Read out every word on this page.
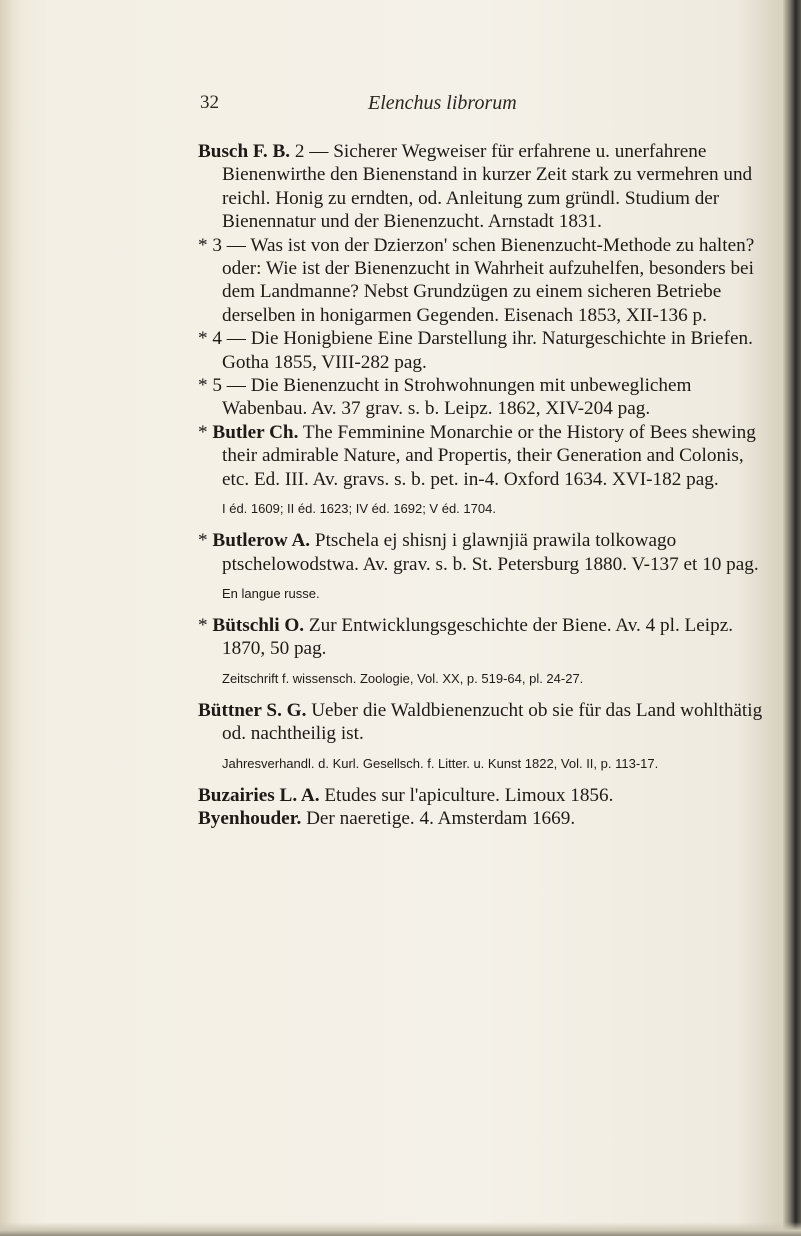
32	Elenchus librorum
Busch F. B. 2 — Sicherer Wegweiser für erfahrene u. unerfahrene Bienenwirthe den Bienenstand in kurzer Zeit stark zu vermehren und reichl. Honig zu erndten, od. Anleitung zum gründl. Studium der Bienennatur und der Bienenzucht. Arnstadt 1831.
* 3 — Was ist von der Dzierzon' schen Bienenzucht-Methode zu halten? oder: Wie ist der Bienenzucht in Wahrheit aufzuhelfen, besonders bei dem Landmanne? Nebst Grundzügen zu einem sicheren Betriebe derselben in honigarmen Gegenden. Eisenach 1853, XII-136 p.
* 4 — Die Honigbiene Eine Darstellung ihr. Naturgeschichte in Briefen. Gotha 1855, VIII-282 pag.
* 5 — Die Bienenzucht in Strohwohnungen mit unbeweglichem Wabenbau. Av. 37 grav. s. b. Leipz. 1862, XIV-204 pag.
* Butler Ch. The Femminine Monarchie or the History of Bees shewing their admirable Nature, and Propertis, their Generation and Colonis, etc. Ed. III. Av. gravs. s. b. pet. in-4. Oxford 1634. XVI-182 pag.
I éd. 1609; II éd. 1623; IV éd. 1692; V éd. 1704.
* Butlerow A. Ptschela ej shisnj i glawnjiä prawila tolkowago ptschelowodstwa. Av. grav. s. b. St. Petersburg 1880. V-137 et 10 pag.
En langue russe.
* Bütschli O. Zur Entwicklungsgeschichte der Biene. Av. 4 pl. Leipz. 1870, 50 pag.
Zeitschrift f. wissensch. Zoologie, Vol. XX, p. 519-64, pl. 24-27.
Büttner S. G. Ueber die Waldbienenzucht ob sie für das Land wohlthätig od. nachtheilig ist.
Jahresverhandl. d. Kurl. Gesellsch. f. Litter. u. Kunst 1822, Vol. II, p. 113-17.
Buzairies L. A. Etudes sur l'apiculture. Limoux 1856.
Byenhouder. Der naeretige. 4. Amsterdam 1669.
